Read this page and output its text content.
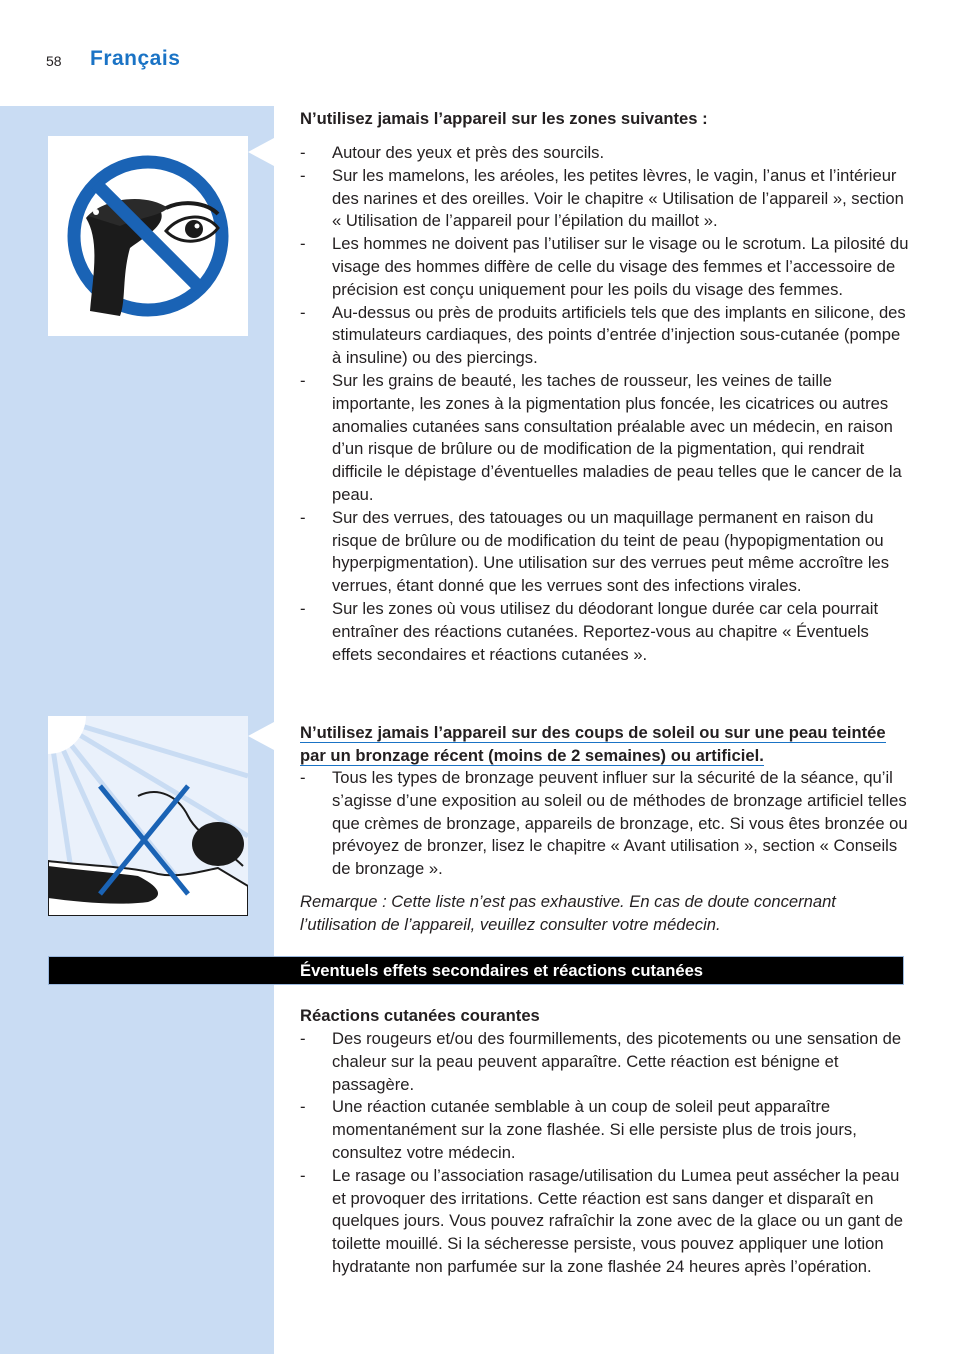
58 Français
N’utilisez jamais l’appareil sur les zones suivantes :
- Autour des yeux et près des sourcils.
- Sur les mamelons, les aréoles, les petites lèvres, le vagin, l’anus et l’intérieur des narines et des oreilles. Voir le chapitre « Utilisation de l’appareil », section « Utilisation de l’appareil pour l’épilation du maillot ».
- Les hommes ne doivent pas l’utiliser sur le visage ou le scrotum. La pilosité du visage des hommes diffère de celle du visage des femmes et l’accessoire de précision est conçu uniquement pour les poils du visage des femmes.
- Au-dessus ou près de produits artificiels tels que des implants en silicone, des stimulateurs cardiaques, des points d’entrée d’injection sous-cutanée (pompe à insuline) ou des piercings.
- Sur les grains de beauté, les taches de rousseur, les veines de taille importante, les zones à la pigmentation plus foncée, les cicatrices ou autres anomalies cutanées sans consultation préalable avec un médecin, en raison d’un risque de brûlure ou de modification de la pigmentation, qui rendrait difficile le dépistage d’éventuelles maladies de peau telles que le cancer de la peau.
- Sur des verrues, des tatouages ou un maquillage permanent en raison du risque de brûlure ou de modification du teint de peau (hypopigmentation ou hyperpigmentation). Une utilisation sur des verrues peut même accroître les verrues, étant donné que les verrues sont des infections virales.
- Sur les zones où vous utilisez du déodorant longue durée car cela pourrait entraîner des réactions cutanées. Reportez-vous au chapitre « Éventuels effets secondaires et réactions cutanées ».
N’utilisez jamais l’appareil sur des coups de soleil ou sur une peau teintée par un bronzage récent (moins de 2 semaines) ou artificiel.
- Tous les types de bronzage peuvent influer sur la sécurité de la séance, qu’il s’agisse d’une exposition au soleil ou de méthodes de bronzage artificiel telles que crèmes de bronzage, appareils de bronzage, etc. Si vous êtes bronzée ou prévoyez de bronzer, lisez le chapitre « Avant utilisation », section « Conseils de bronzage ».
Remarque : Cette liste n’est pas exhaustive. En cas de doute concernant l’utilisation de l’appareil, veuillez consulter votre médecin.
Éventuels effets secondaires et réactions cutanées
Réactions cutanées courantes
- Des rougeurs et/ou des fourmillements, des picotements ou une sensation de chaleur sur la peau peuvent apparaître. Cette réaction est bénigne et passagère.
- Une réaction cutanée semblable à un coup de soleil peut apparaître momentanément sur la zone flashée. Si elle persiste plus de trois jours, consultez votre médecin.
- Le rasage ou l’association rasage/utilisation du Lumea peut assécher la peau et provoquer des irritations. Cette réaction est sans danger et disparaît en quelques jours. Vous pouvez rafraîchir la zone avec de la glace ou un gant de toilette mouillé. Si la sécheresse persiste, vous pouvez appliquer une lotion hydratante non parfumée sur la zone flashée 24 heures après l’opération.
